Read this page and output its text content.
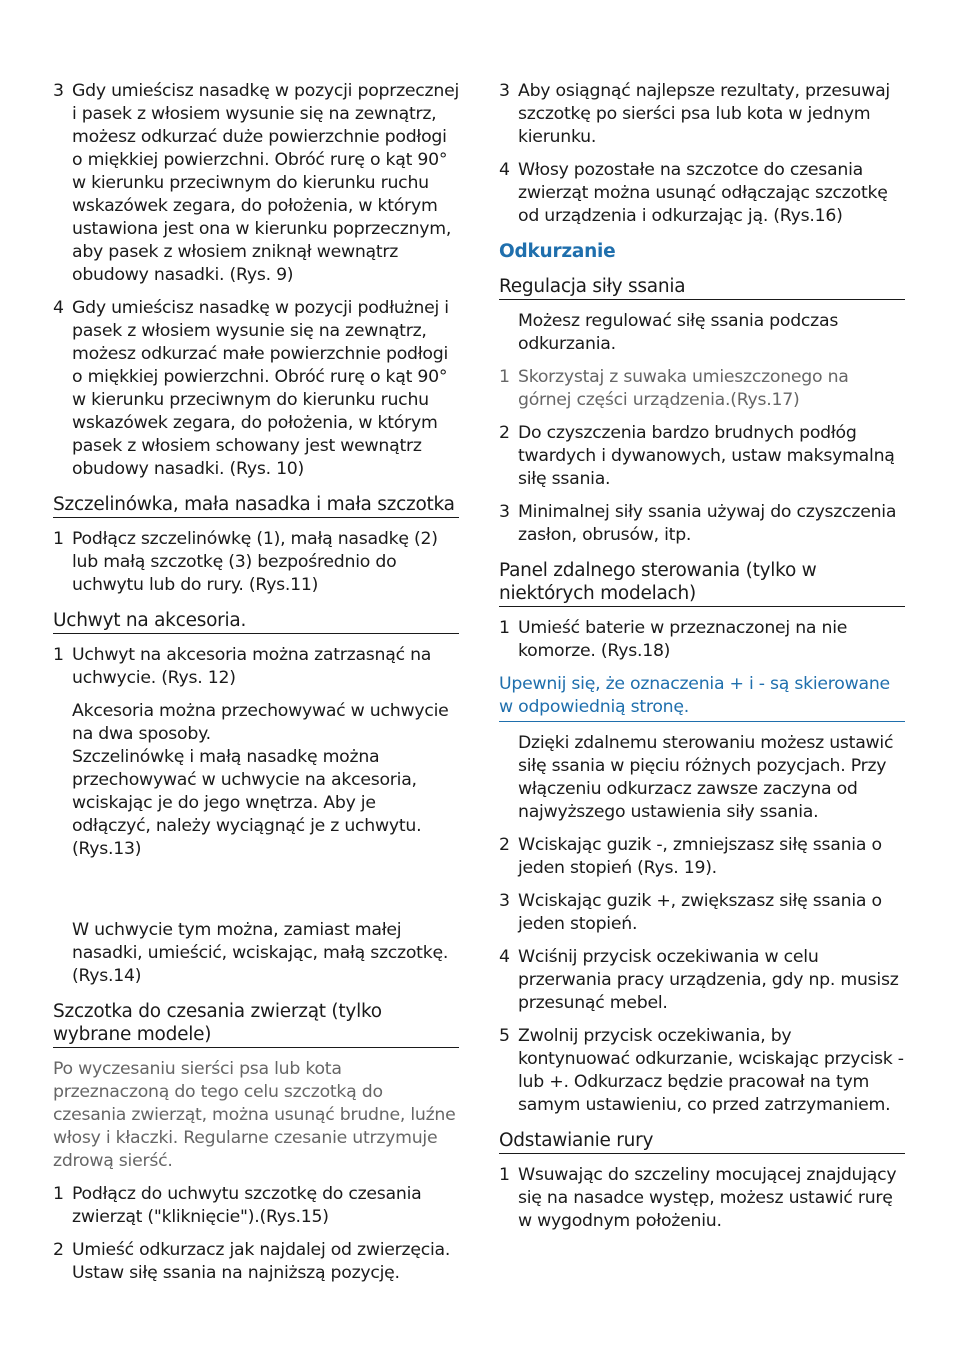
3 Gdy umieścisz nasadkę w pozycji poprzecznej i pasek z włosiem wysunie się na zewnątrz, możesz odkurzać duże powierzchnie podłogi o miękkiej powierzchni. Obróć rurę o kąt 90° w kierunku przeciwnym do kierunku ruchu wskazówek zegara, do położenia, w którym ustawiona jest ona w kierunku poprzecznym, aby pasek z włosiem zniknął wewnątrz obudowy nasadki. (Rys. 9)
4 Gdy umieścisz nasadkę w pozycji podłużnej i pasek z włosiem wysunie się na zewnątrz, możesz odkurzać małe powierzchnie podłogi o miękkiej powierzchni. Obróć rurę o kąt 90° w kierunku przeciwnym do kierunku ruchu wskazówek zegara, do położenia, w którym pasek z włosiem schowany jest wewnątrz obudowy nasadki. (Rys. 10)
Szczelinówka, mała nasadka i mała szczotka
1 Podłącz szczelinówkę (1), małą nasadkę (2) lub małą szczotkę (3) bezpośrednio do uchwytu lub do rury. (Rys.11)
Uchwyt na akcesoria.
1 Uchwyt na akcesoria można zatrzasnąć na uchwycie. (Rys. 12)
Akcesoria można przechowywać w uchwycie na dwa sposoby.
Szczelinówkę i małą nasadkę można przechowywać w uchwycie na akcesoria, wciskając je do jego wnętrza. Aby je odłączyć, należy wyciągnąć je z uchwytu. (Rys.13)
W uchwycie tym można, zamiast małej nasadki, umieścić, wciskając, małą szczotkę. (Rys.14)
Szczotka do czesania zwierząt (tylko wybrane modele)
Po wyczesaniu sierści psa lub kota przeznaczoną do tego celu szczotką do czesania zwierząt, można usunąć brudne, luźne włosy i kłaczki. Regularne czesanie utrzymuje zdrową sierść.
1 Podłącz do uchwytu szczotkę do czesania zwierząt ("kliknięcie").(Rys.15)
2 Umieść odkurzacz jak najdalej od zwierzęcia. Ustaw siłę ssania na najniższą pozycję.
3 Aby osiągnąć najlepsze rezultaty, przesuwaj szczotkę po sierści psa lub kota w jednym kierunku.
4 Włosy pozostałe na szczotce do czesania zwierząt można usunąć odłączając szczotkę od urządzenia i odkurzając ją. (Rys.16)
Odkurzanie
Regulacja siły ssania
Możesz regulować siłę ssania podczas odkurzania.
1 Skorzystaj z suwaka umieszczonego na górnej części urządzenia.(Rys.17)
2 Do czyszczenia bardzo brudnych podłóg twardych i dywanowych, ustaw maksymalną siłę ssania.
3 Minimalnej siły ssania używaj do czyszczenia zasłon, obrusów, itp.
Panel zdalnego sterowania (tylko w niektórych modelach)
1 Umieść baterie w przeznaczonej na nie komorze. (Rys.18)
Upewnij się, że oznaczenia + i - są skierowane w odpowiednią stronę.
Dzięki zdalnemu sterowaniu możesz ustawić siłę ssania w pięciu różnych pozycjach. Przy włączeniu odkurzacz zawsze zaczyna od najwyższego ustawienia siły ssania.
2 Wciskając guzik -, zmniejszasz siłę ssania o jeden stopień (Rys. 19).
3 Wciskając guzik +, zwiększasz siłę ssania o jeden stopień.
4 Wciśnij przycisk oczekiwania w celu przerwania pracy urządzenia, gdy np. musisz przesunąć mebel.
5 Zwolnij przycisk oczekiwania, by kontynuować odkurzanie, wciskając przycisk - lub +. Odkurzacz będzie pracował na tym samym ustawieniu, co przed zatrzymaniem.
Odstawianie rury
1 Wsuwając do szczeliny mocującej znajdujący się na nasadce występ, możesz ustawić rurę w wygodnym położeniu.
